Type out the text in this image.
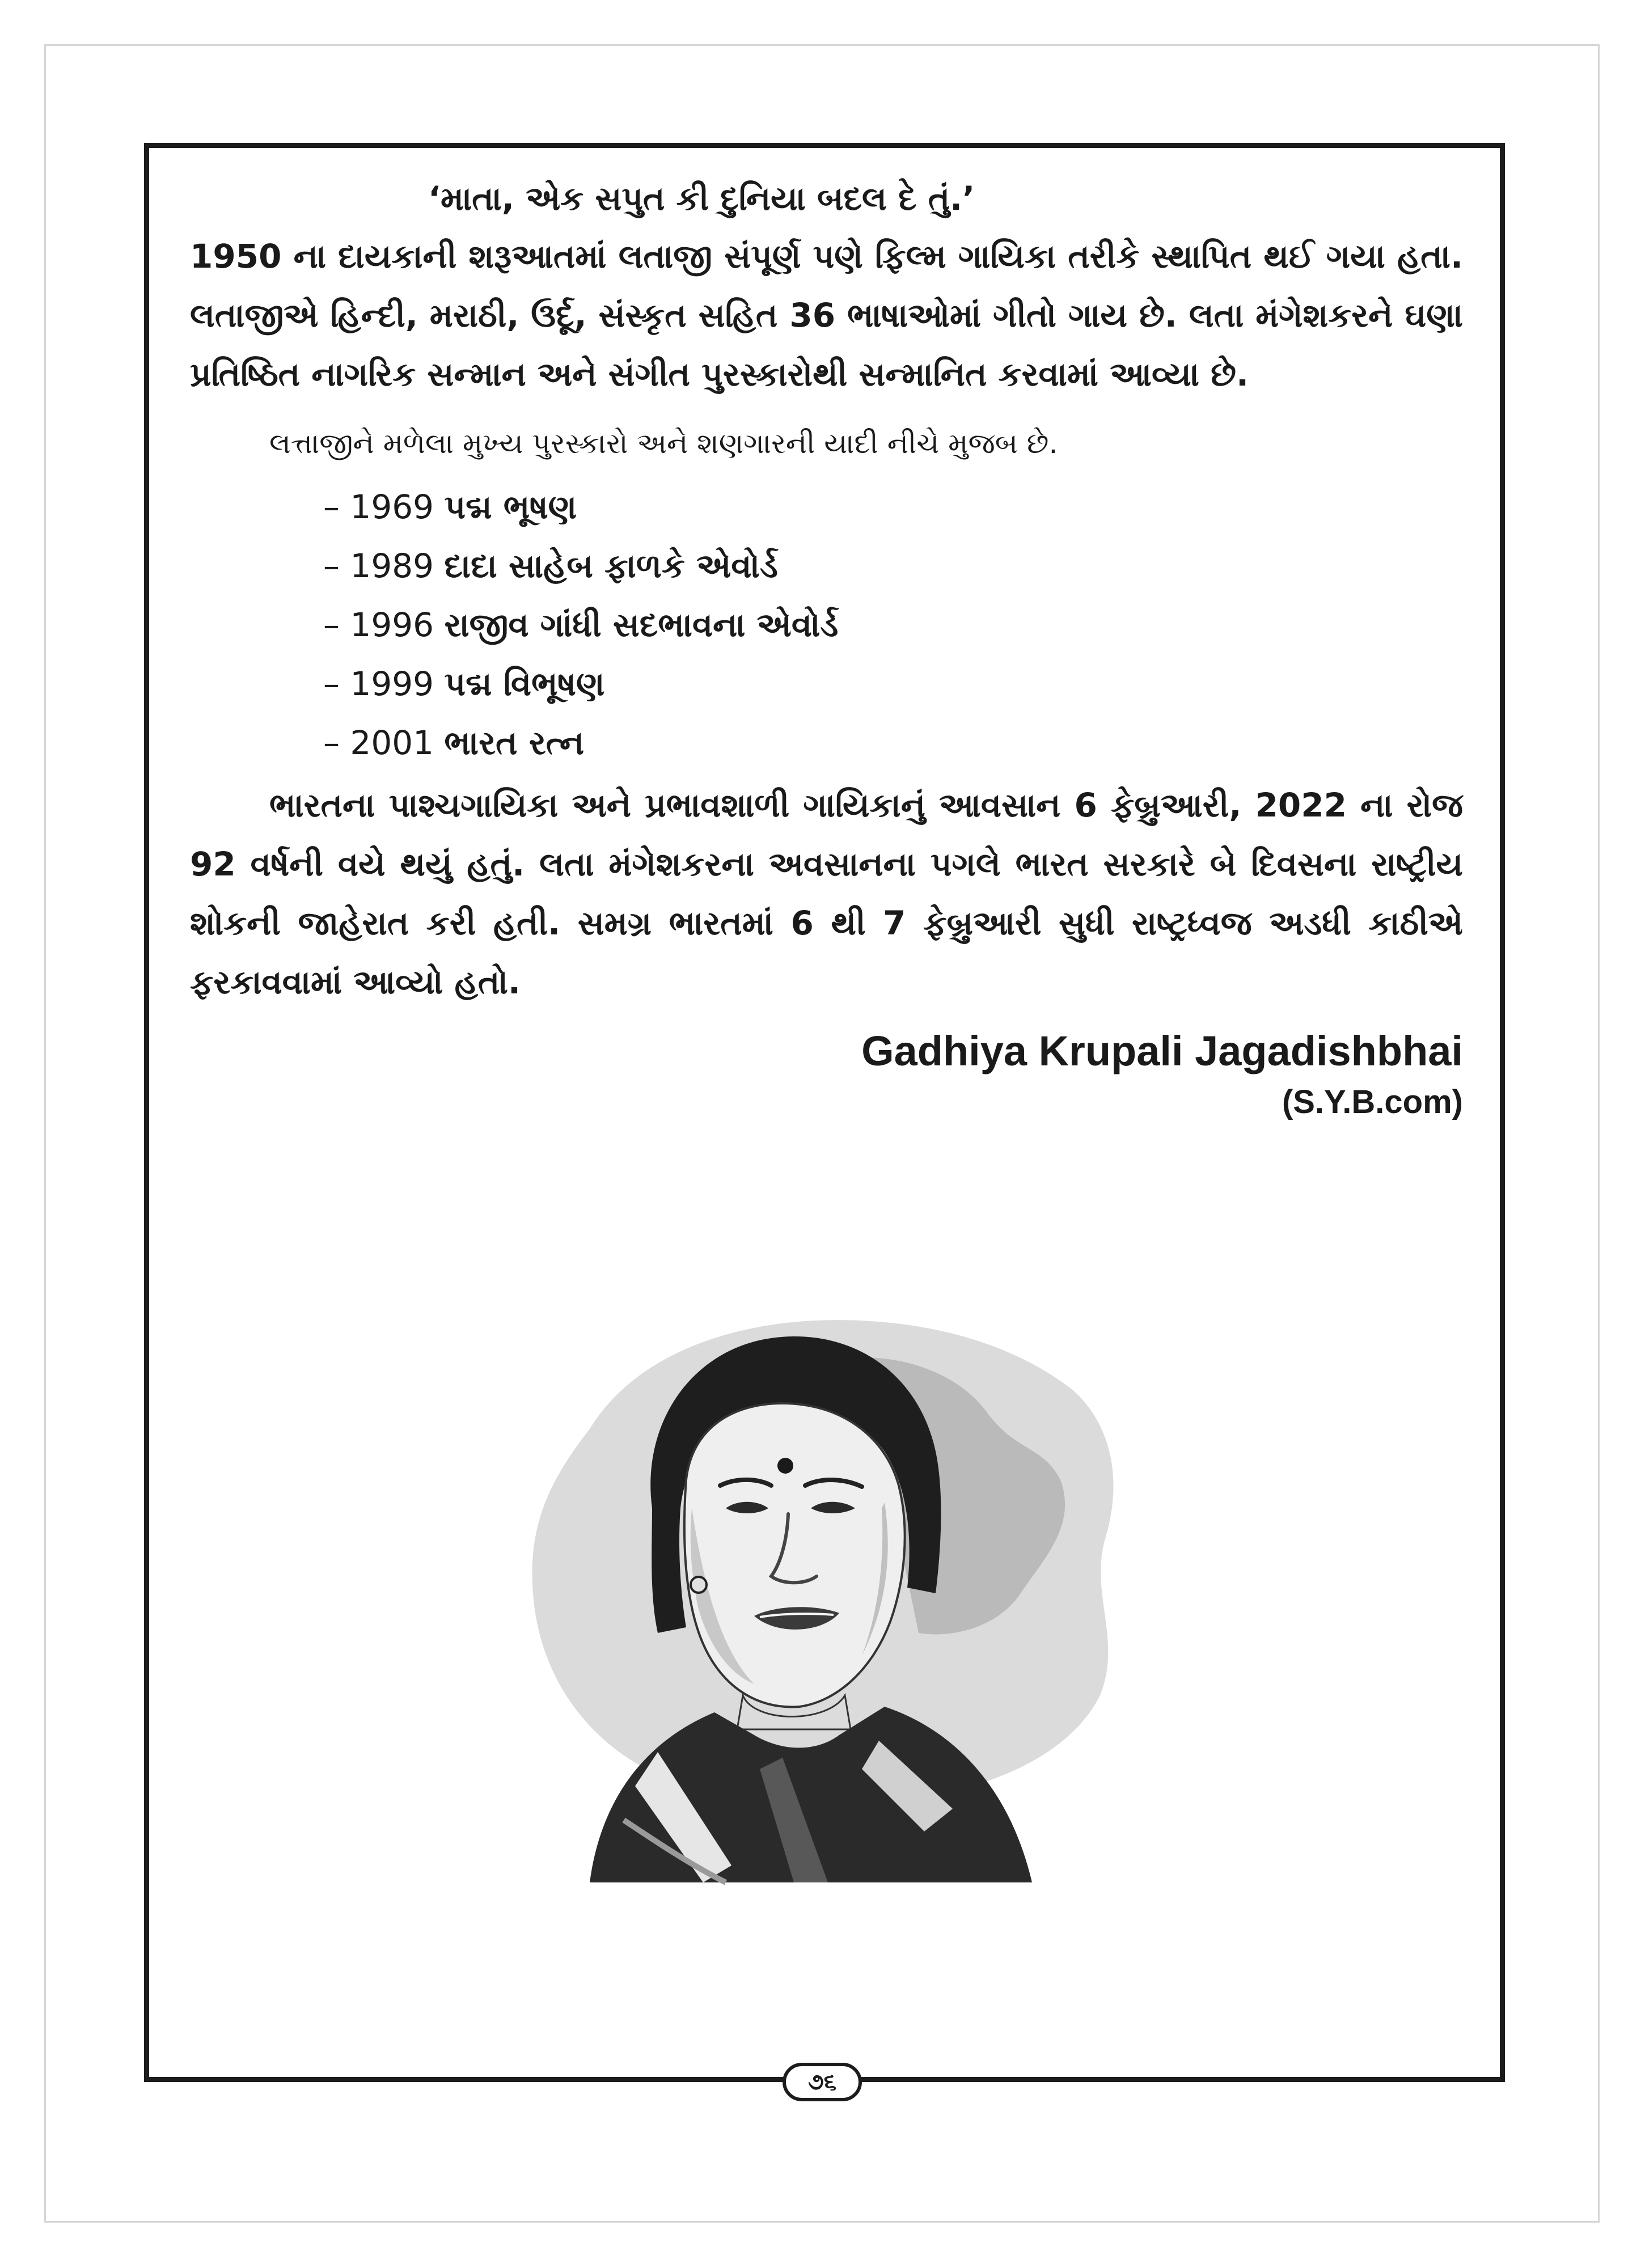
‘માતા, એક સપુત કી દુનિયા બદલ દે તું.’

1950 ના દાયકાની શરૂઆતમાં લતાજી સંપૂર્ણ પણે ફિલ્મ ગાયિકા તરીકે સ્થાપિત થઈ ગયા હતા. લતાજીએ હિન્દી, મરાઠી, ઉર્દૂ, સંસ્કૃત સહિત 36 ભાષાઓમાં ગીતો ગાય છે. લતા મંગેશકરને ઘણા પ્રતિષ્ઠિત નાગરિક સન્માન અને સંગીત પુરસ્કારોથી સન્માનિત કરવામાં આવ્યા છે.

લત્તાજીને મળેલા મુખ્ય પુરસ્કારો અને શણગારની યાદી નીચે મુજબ છે.

– 1969 પદ્મ ભૂષણ
– 1989 દાદા સાહેબ ફાળકે એવોર્ડ
– 1996 રાજીવ ગાંધી સદભાવના એવોર્ડ
– 1999 પદ્મ વિભૂષણ
– 2001 ભારત રત્ન

ભારતના પાશ્ચગાયિકા અને પ્રભાવશાળી ગાયિકાનું આવસાન 6 ફેબ્રુઆરી, 2022 ના રોજ 92 વર્ષની વયે થયું હતું. લતા મંગેશકરના અવસાનના પગલે ભારત સરકારે બે દિવસના રાષ્ટ્રીય શોકની જાહેરાત કરી હતી. સમગ્ર ભારતમાં 6 થી 7 ફેબ્રુઆરી સુધી રાષ્ટ્રધ્વજ અડધી કાઠીએ ફરકાવવામાં આવ્યો હતો.

Gadhiya Krupali Jagadishbhai
(S.Y.B.com)
૭૬
